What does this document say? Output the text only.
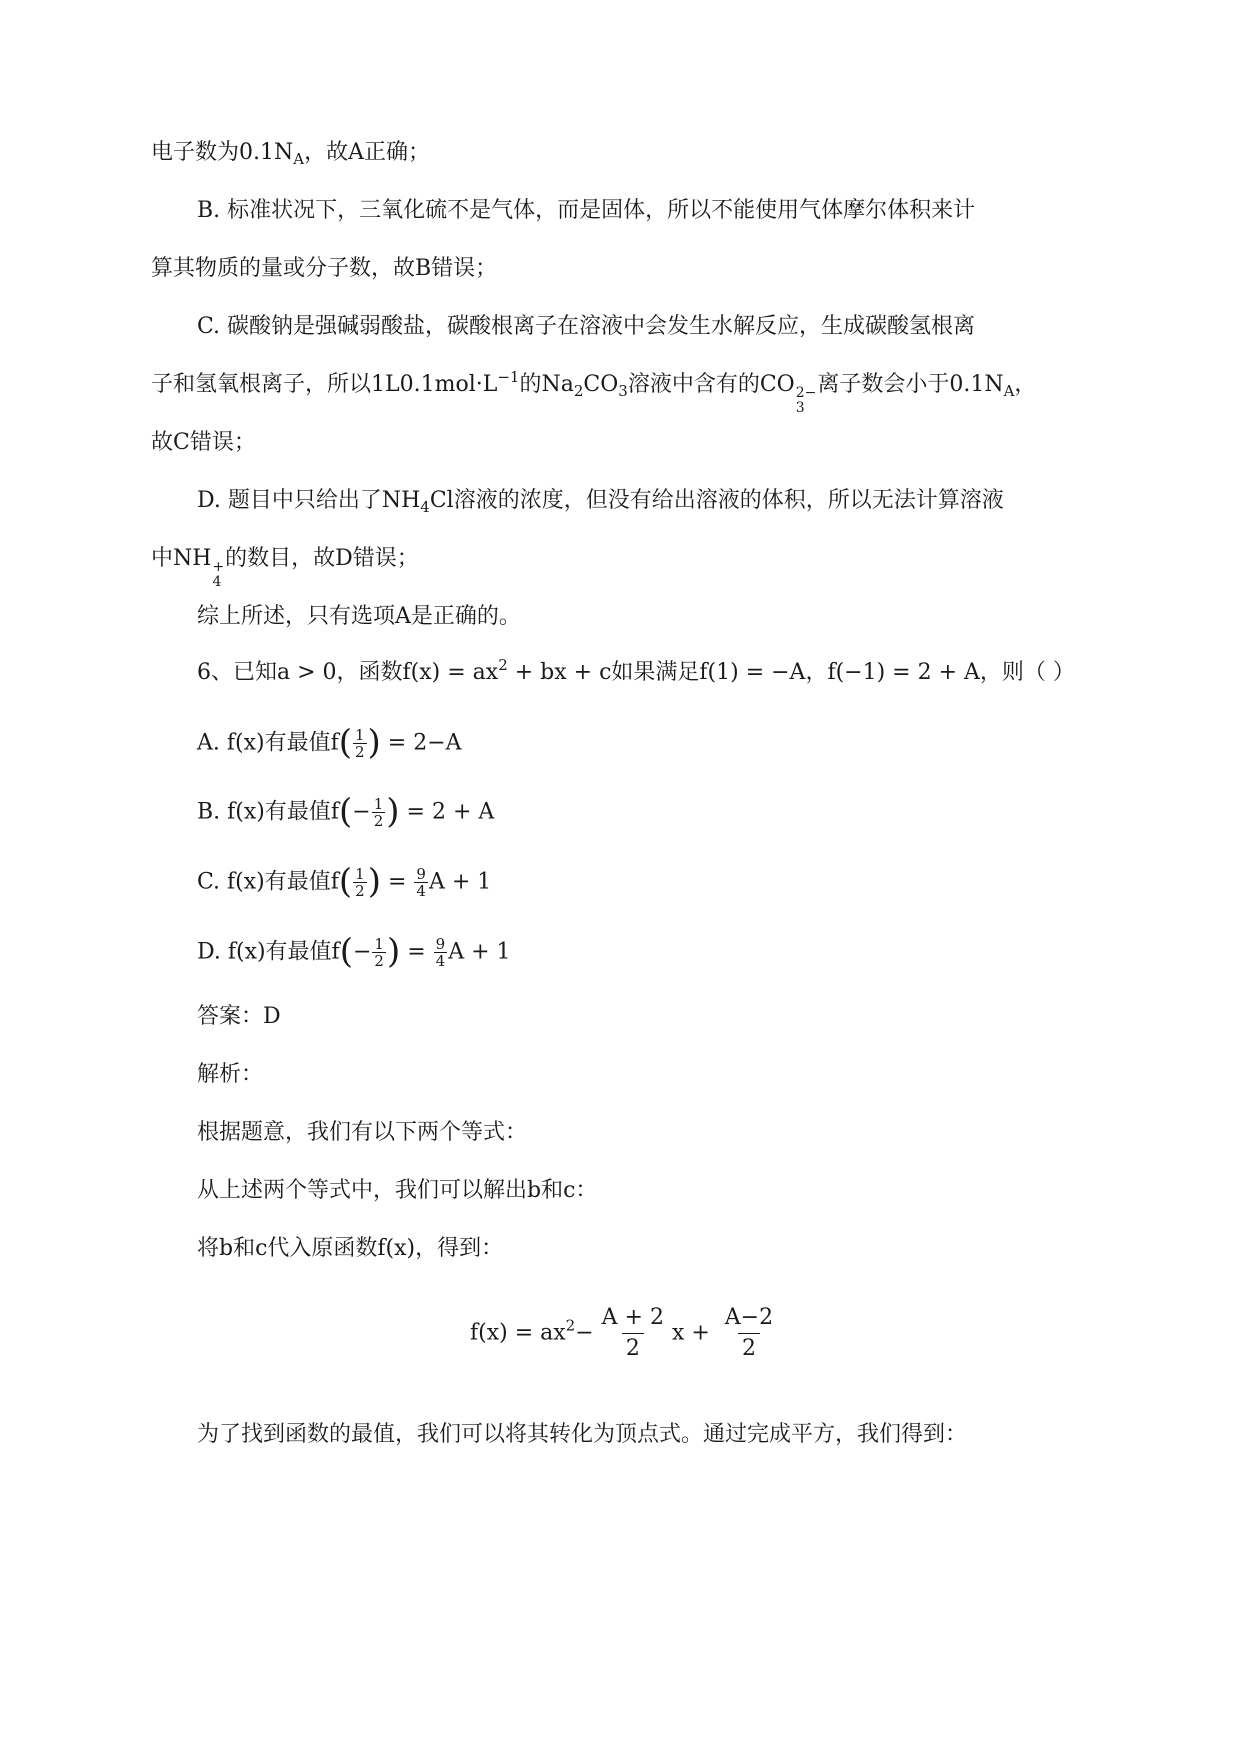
电子数为$0.1N_A$，故A正确；
B. 标准状况下，三氧化硫不是气体，而是固体，所以不能使用气体摩尔体积来计
算其物质的量或分子数，故B错误；
C. 碳酸钠是强碱弱酸盐，碳酸根离子在溶液中会发生水解反应，生成碳酸氢根离
子和氢氧根离子，所以$1L0.1mol\cdot L^{-1}$的$Na_2CO_3$溶液中含有的CO 2−
3
离子数会小于$0.1N_A$，
故C错误；
D. 题目中只给出了$NH_4Cl$溶液的浓度，但没有给出溶液的体积，所以无法计算溶液
中NH +
4
的数目，故D错误；
综上所述，只有选项A是正确的。
6、已知a > 0，函数$f(x) = ax^2$ + bx + c如果满足f(1) = −A，f(−1) = 2 + A，则（ ）
A. f(x)有最值$f( \frac{1}{2}$ ) = 2−A
B. f(x)有最值$f(- \frac{1}{2}$ ) = 2 + A
C. f(x)有最值$f( \frac{1}{2}$ ) = $\frac{9}{4}$ A + 1
D. f(x)有最值$f(- \frac{1}{2}$ ) = $\frac{9}{4}$ A + 1
答案：D
解析：
根据题意，我们有以下两个等式：
从上述两个等式中，我们可以解出b和c：
将b和c代入原函数f(x)，得到：
$f(x) = ax^2- \frac{A + 2}{2}$ $x + \frac{A-2}{2}$
为了找到函数的最值，我们可以将其转化为顶点式。通过完成平方，我们得到：
